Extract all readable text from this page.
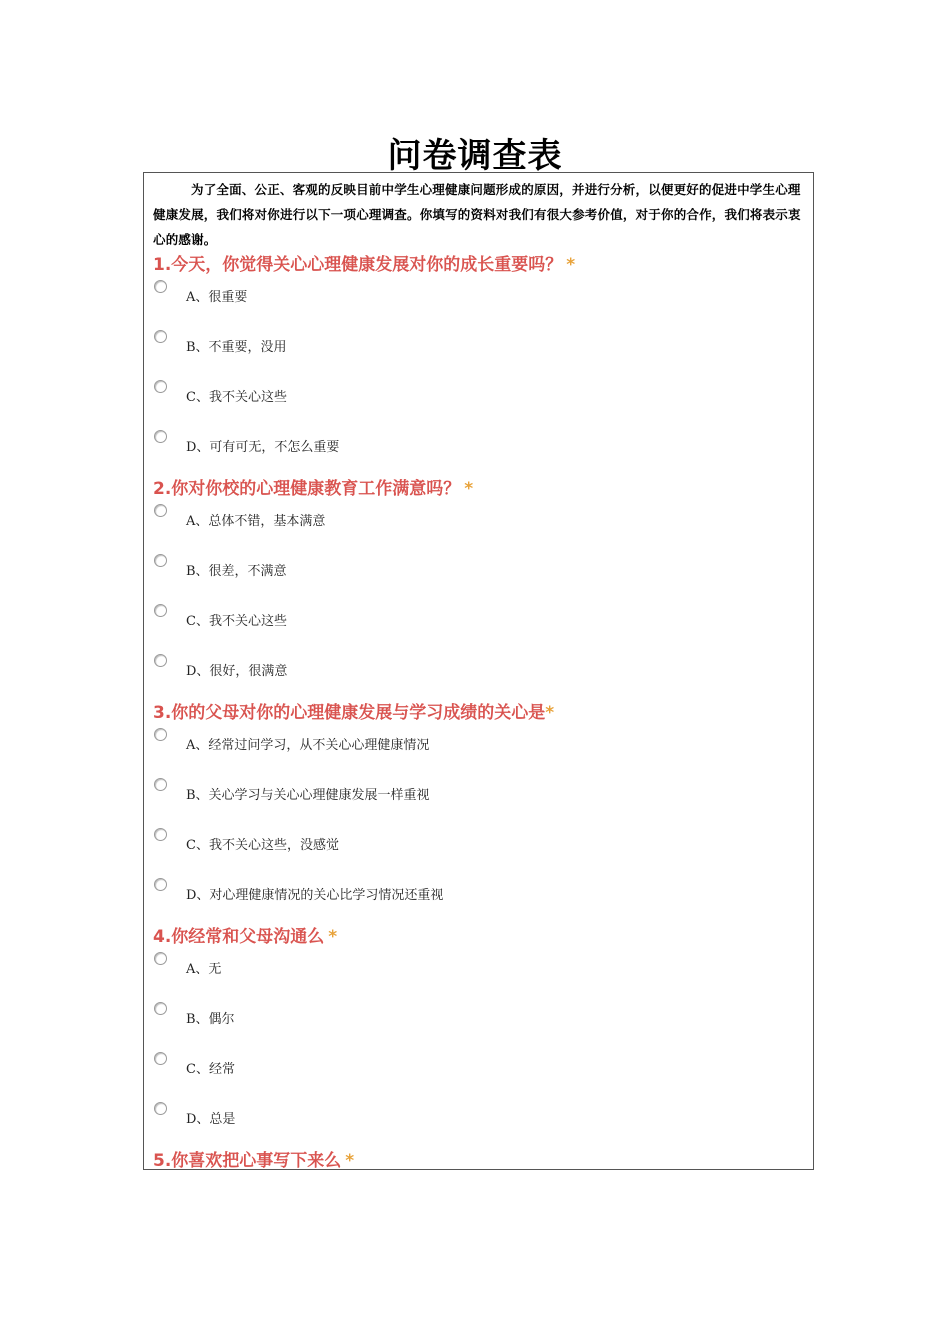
问卷调查表
为了全面、公正、客观的反映目前中学生心理健康问题形成的原因，并进行分析，以便更好的促进中学生心理健康发展，我们将对你进行以下一项心理调查。你填写的资料对我们有很大参考价值，对于你的合作，我们将表示衷心的感谢。
1.今天，你觉得关心心理健康发展对你的成长重要吗？ *
A、很重要
B、不重要，没用
C、我不关心这些
D、可有可无，不怎么重要
2.你对你校的心理健康教育工作满意吗？ *
A、总体不错，基本满意
B、很差，不满意
C、我不关心这些
D、很好，很满意
3.你的父母对你的心理健康发展与学习成绩的关心是*
A、经常过问学习，从不关心心理健康情况
B、关心学习与关心心理健康发展一样重视
C、我不关心这些，没感觉
D、对心理健康情况的关心比学习情况还重视
4.你经常和父母沟通么 *
A、无
B、偶尔
C、经常
D、总是
5.你喜欢把心事写下来么 *
